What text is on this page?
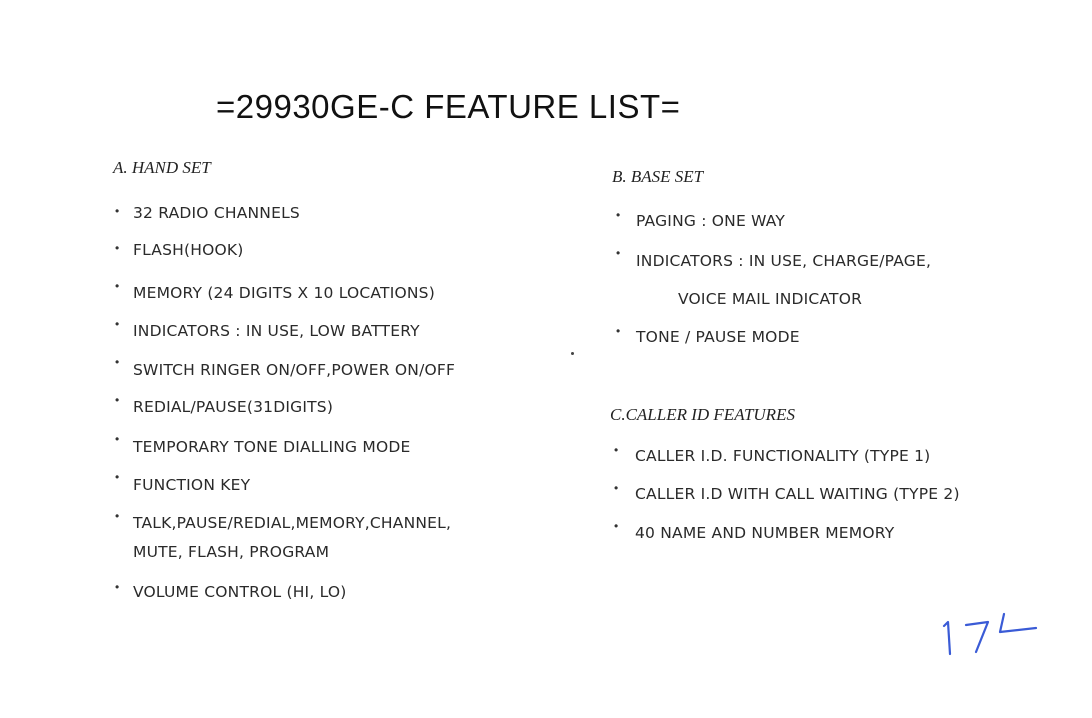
=29930GE-C FEATURE LIST=
A. HAND SET
• 32 RADIO CHANNELS
• FLASH(HOOK)
• MEMORY (24 DIGITS X 10 LOCATIONS)
• INDICATORS : IN USE, LOW BATTERY
• SWITCH RINGER ON/OFF,POWER ON/OFF
• REDIAL/PAUSE(31DIGITS)
• TEMPORARY TONE DIALLING MODE
• FUNCTION KEY
• TALK,PAUSE/REDIAL,MEMORY,CHANNEL,
MUTE, FLASH, PROGRAM
• VOLUME CONTROL (HI, LO)
B. BASE SET
• PAGING : ONE WAY
• INDICATORS : IN USE, CHARGE/PAGE,
VOICE MAIL INDICATOR
• TONE / PAUSE MODE
C.CALLER ID FEATURES
• CALLER I.D. FUNCTIONALITY (TYPE 1)
• CALLER I.D WITH CALL WAITING (TYPE 2)
• 40 NAME AND NUMBER MEMORY
